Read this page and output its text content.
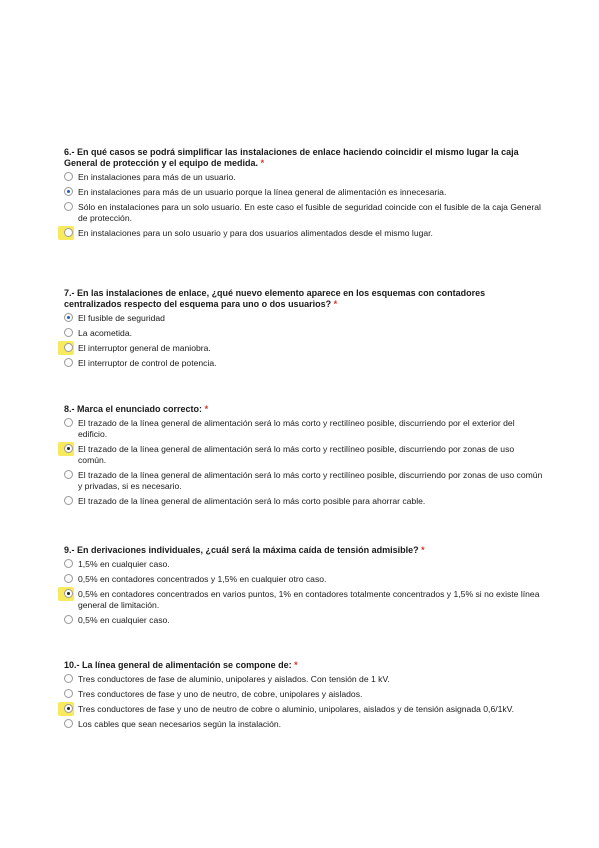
6.- En qué casos se podrá simplificar las instalaciones de enlace haciendo coincidir el mismo lugar la caja General de protección y el equipo de medida. *
En instalaciones para más de un usuario.
En instalaciones para más de un usuario porque la línea general de alimentación es innecesaria.
Sólo en instalaciones para un solo usuario. En este caso el fusible de seguridad coincide con el fusible de la caja General de protección.
En instalaciones para un solo usuario y para dos usuarios alimentados desde el mismo lugar.
7.- En las instalaciones de enlace, ¿qué nuevo elemento aparece en los esquemas con contadores centralizados respecto del esquema para uno o dos usuarios? *
El fusible de seguridad
La acometida.
El interruptor general de maniobra.
El interruptor de control de potencia.
8.- Marca el enunciado correcto: *
El trazado de la línea general de alimentación será lo más corto y rectilíneo posible, discurriendo por el exterior del edificio.
El trazado de la línea general de alimentación será lo más corto y rectilíneo posible, discurriendo por zonas de uso común.
El trazado de la línea general de alimentación será lo más corto y rectilíneo posible, discurriendo por zonas de uso común y privadas, si es necesario.
El trazado de la línea general de alimentación será lo más corto posible para ahorrar cable.
9.- En derivaciones individuales, ¿cuál será la máxima caída de tensión admisible? *
1,5% en cualquier caso.
0,5% en contadores concentrados y 1,5% en cualquier otro caso.
0,5% en contadores concentrados en varios puntos, 1% en contadores totalmente concentrados y 1,5% si no existe línea general de limitación.
0,5% en cualquier caso.
10.- La línea general de alimentación se compone de: *
Tres conductores de fase de aluminio, unipolares y aislados. Con tensión de 1 kV.
Tres conductores de fase y uno de neutro, de cobre, unipolares y aislados.
Tres conductores de fase y uno de neutro de cobre o aluminio, unipolares, aislados y de tensión asignada 0,6/1kV.
Los cables que sean necesarios según la instalación.
